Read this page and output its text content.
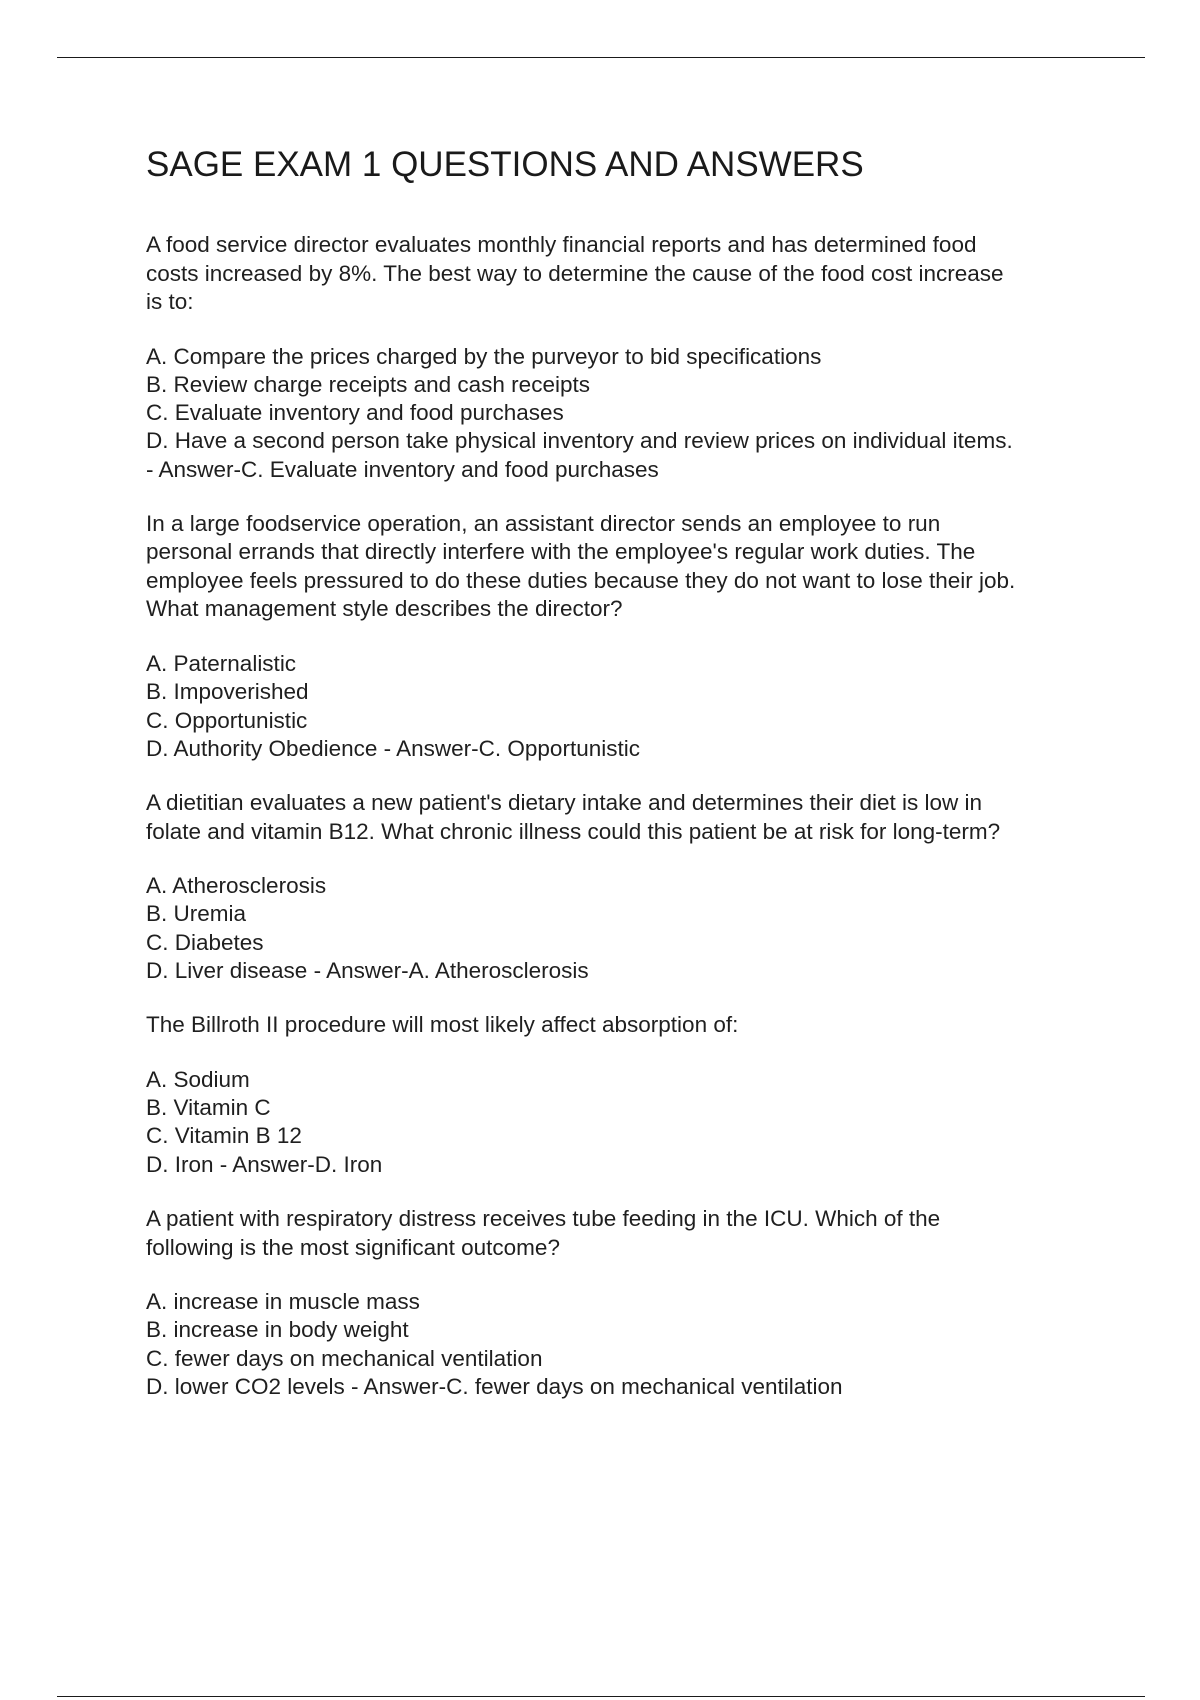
SAGE EXAM 1 QUESTIONS AND ANSWERS

A food service director evaluates monthly financial reports and has determined food
costs increased by 8%. The best way to determine the cause of the food cost increase
is to:

A. Compare the prices charged by the purveyor to bid specifications
B. Review charge receipts and cash receipts
C. Evaluate inventory and food purchases
D. Have a second person take physical inventory and review prices on individual items.
- Answer-C. Evaluate inventory and food purchases

In a large foodservice operation, an assistant director sends an employee to run
personal errands that directly interfere with the employee's regular work duties. The
employee feels pressured to do these duties because they do not want to lose their job.
What management style describes the director?

A. Paternalistic
B. Impoverished
C. Opportunistic
D. Authority Obedience - Answer-C. Opportunistic

A dietitian evaluates a new patient's dietary intake and determines their diet is low in
folate and vitamin B12. What chronic illness could this patient be at risk for long-term?

A. Atherosclerosis
B. Uremia
C. Diabetes
D. Liver disease - Answer-A. Atherosclerosis

The Billroth II procedure will most likely affect absorption of:

A. Sodium
B. Vitamin C
C. Vitamin B 12
D. Iron - Answer-D. Iron

A patient with respiratory distress receives tube feeding in the ICU. Which of the
following is the most significant outcome?

A. increase in muscle mass
B. increase in body weight
C. fewer days on mechanical ventilation
D. lower CO2 levels - Answer-C. fewer days on mechanical ventilation
